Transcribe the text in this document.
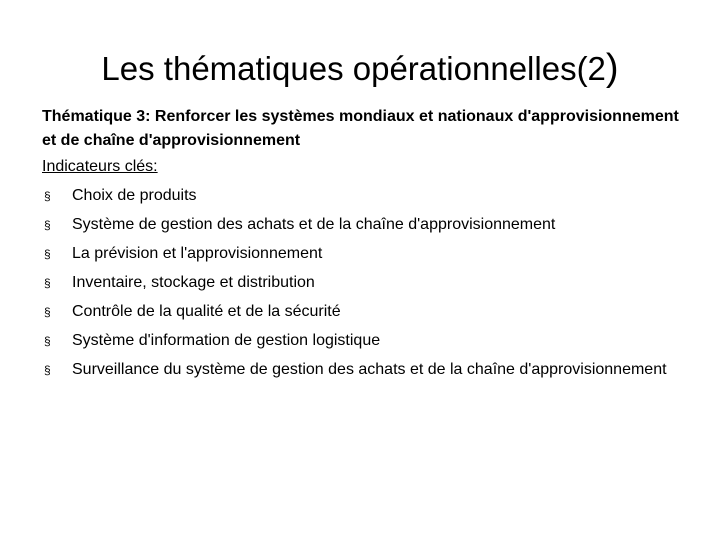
Les thématiques opérationnelles(2)

Thématique 3: Renforcer les systèmes mondiaux et nationaux d'approvisionnement et de chaîne d'approvisionnement

Indicateurs clés:

§ Choix de produits
§ Système de gestion des achats et de la chaîne d'approvisionnement
§ La prévision et l'approvisionnement
§ Inventaire, stockage et distribution
§ Contrôle de la qualité et de la sécurité
§ Système d'information de gestion logistique
§ Surveillance du système de gestion des achats et de la chaîne d'approvisionnement
